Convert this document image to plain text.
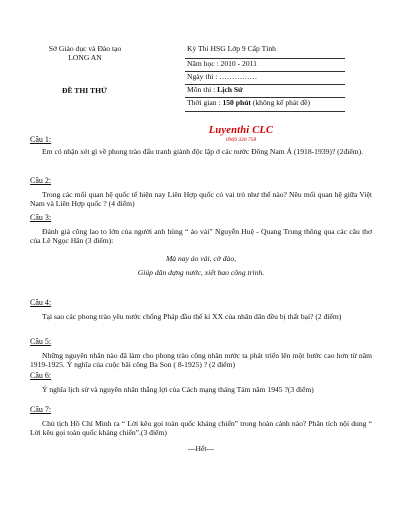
Sở Giáo dục và Đào tạo
LONG AN
ĐỀ THI THỬ
Kỳ Thi HSG Lớp 9 Cấp Tỉnh
Năm học : 2010 - 2011
Ngày thi : ……………
Môn thi : Lịch Sử
Thời gian : 150 phút (không kể phát đề)
Luyenthi CLC
0969 330 758
Câu 1:
Em có nhận xét gì về phong trào đấu tranh giành độc lập ở các nước Đông Nam Á (1918-1939)? (2điểm).
Câu 2:
Trong các mối quan hệ quốc tế hiện nay Liên Hợp quốc có vai trò như thế nào? Nêu mối quan hệ giữa Việt Nam và Liên Hợp quốc ? (4 điểm)
Câu 3:
Đánh giá công lao to lớn của người anh hùng “ áo vải” Nguyễn Huệ - Quang Trung thông qua các câu thơ của Lê Ngọc Hân (3 điểm):
Mà nay áo vải, cờ đào,
Giúp dân dựng nước, xiết bao công trình.
Câu 4:
Tại sao các phong trào yêu nước chống Pháp đầu thế kỉ XX của nhân dân đều bị thất bại? (2 điểm)
Câu 5:
Những nguyên nhân nào đã làm cho phong trào công nhân nước ta phát triển lên một bước cao hơn từ năm 1919-1925. Ý nghĩa của cuộc bãi công Ba Son ( 8-1925) ? (2 điểm)
Câu 6:
Ý nghĩa lịch sử và nguyên nhân thắng lợi của Cách mạng tháng Tám năm 1945 ?(3 điểm)
Câu 7:
Chủ tịch Hồ Chí Minh ra “ Lời kêu gọi toàn quốc kháng chiến” trong hoàn cảnh nào? Phân tích nội dung “ Lời kêu gọi toàn quốc kháng chiến”.(3 điểm)
---Hết---
